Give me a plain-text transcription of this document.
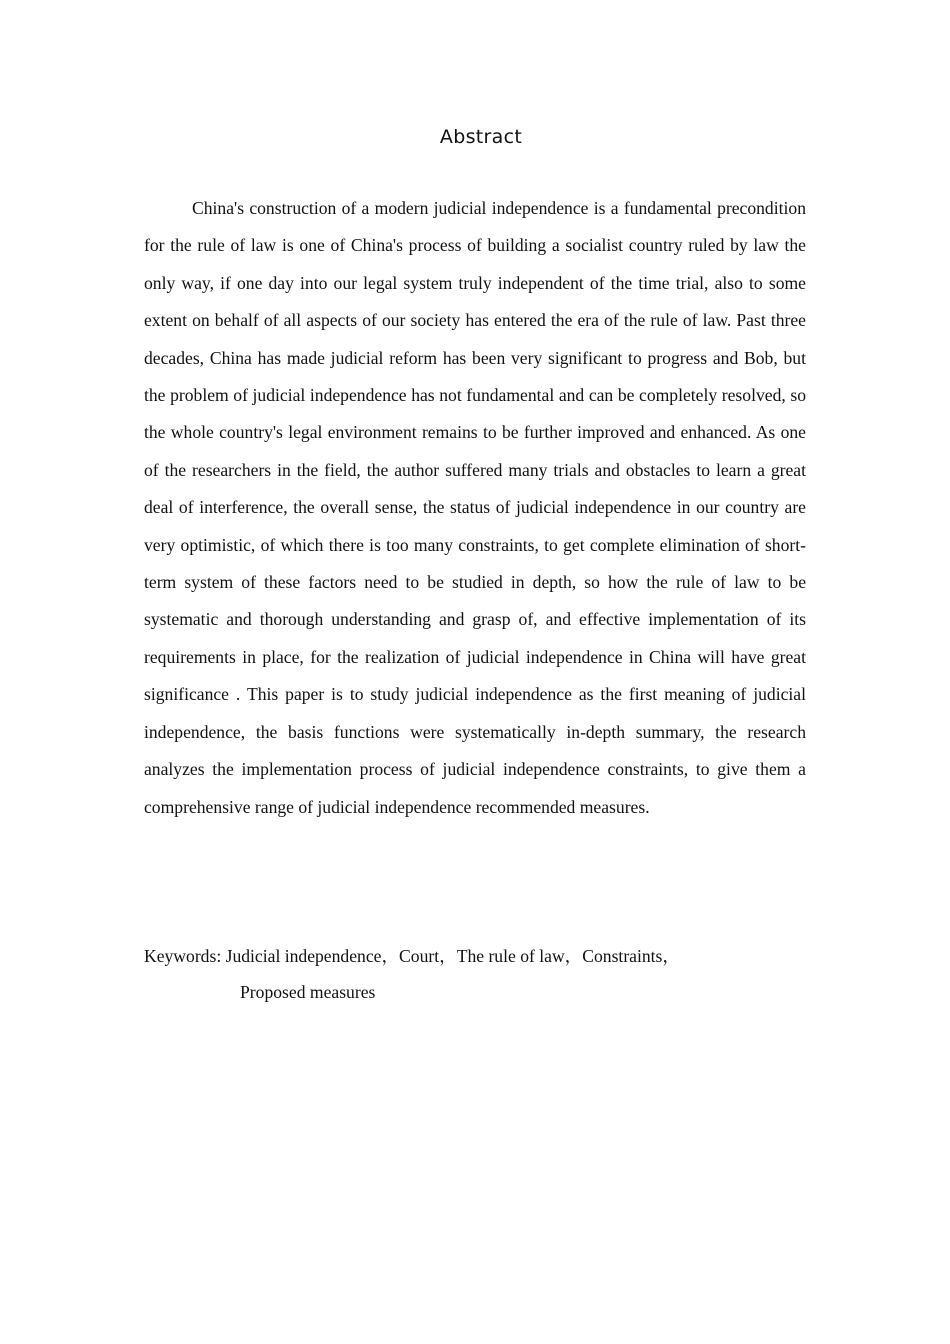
Abstract

China's construction of a modern judicial independence is a fundamental precondition for the rule of law is one of China's process of building a socialist country ruled by law the only way, if one day into our legal system truly independent of the time trial, also to some extent on behalf of all aspects of our society has entered the era of the rule of law. Past three decades, China has made judicial reform has been very significant to progress and Bob, but the problem of judicial independence has not fundamental and can be completely resolved, so the whole country's legal environment remains to be further improved and enhanced. As one of the researchers in the field, the author suffered many trials and obstacles to learn a great deal of interference, the overall sense, the status of judicial independence in our country are very optimistic, of which there is too many constraints, to get complete elimination of short-term system of these factors need to be studied in depth, so how the rule of law to be systematic and thorough understanding and grasp of, and effective implementation of its requirements in place, for the realization of judicial independence in China will have great significance . This paper is to study judicial independence as the first meaning of judicial independence, the basis functions were systematically in-depth summary, the research analyzes the implementation process of judicial independence constraints, to give them a comprehensive range of judicial independence recommended measures.

Keywords: Judicial independence，Court，The rule of law，Constraints，
Proposed measures
